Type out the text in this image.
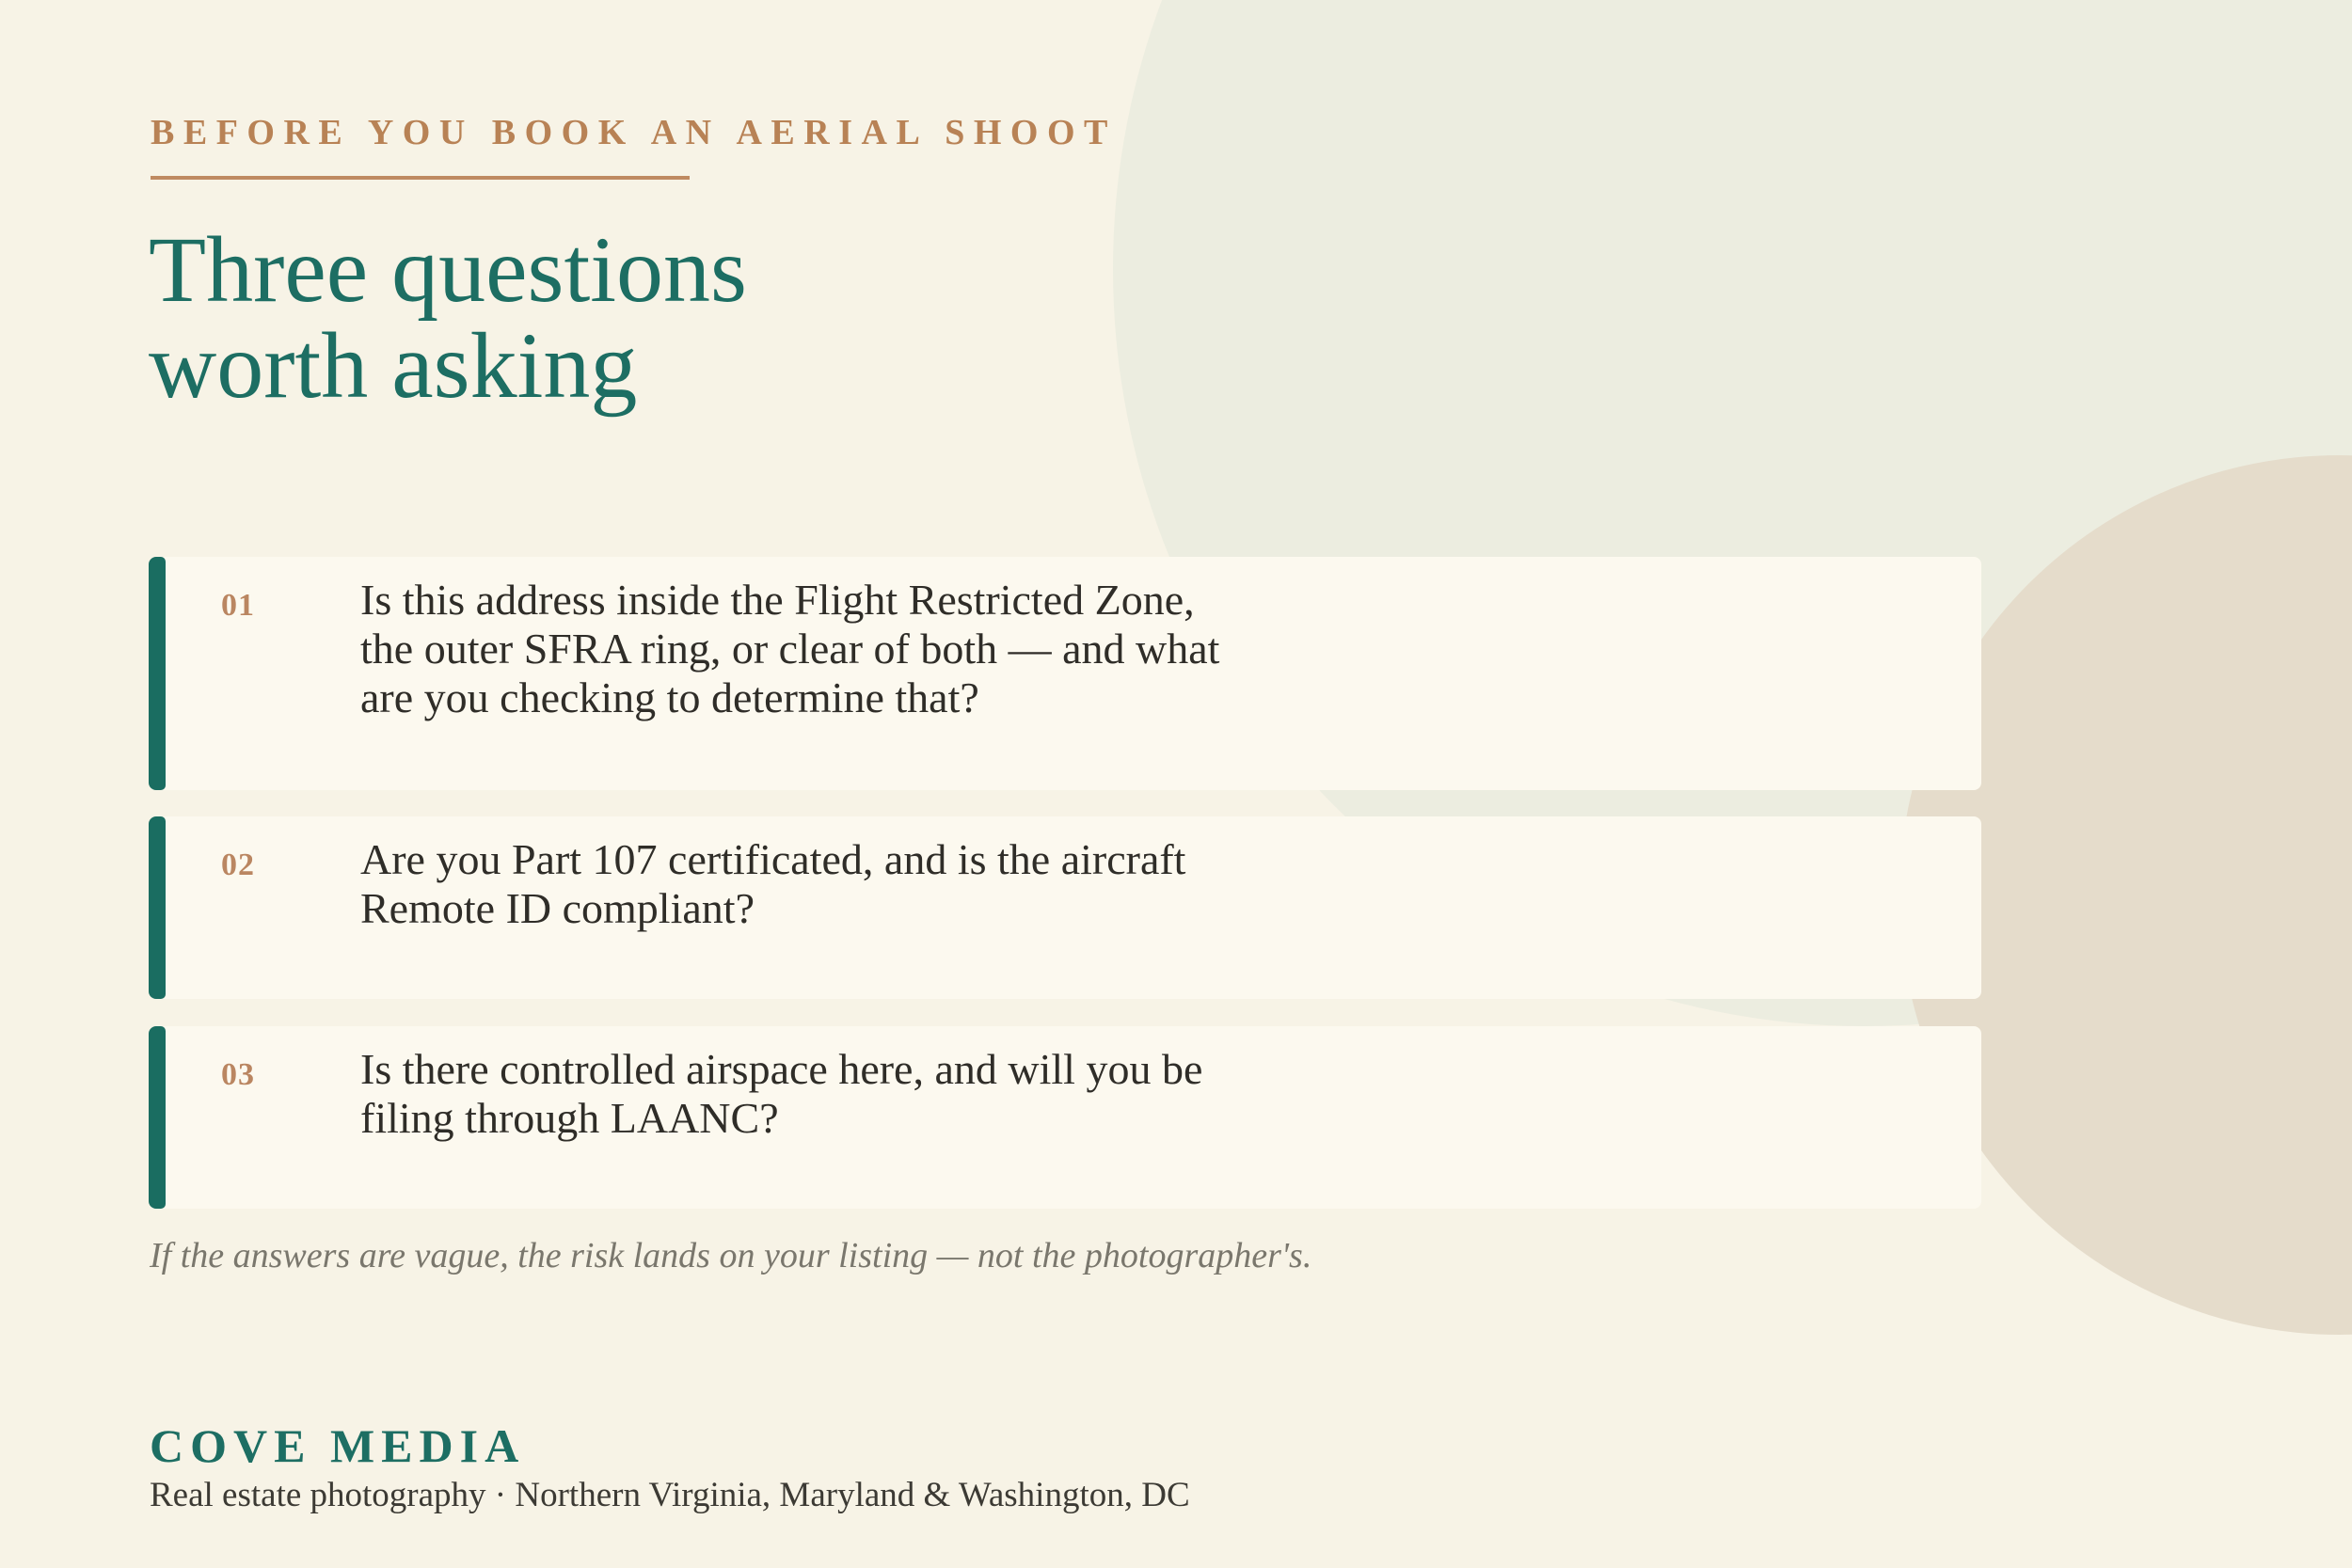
BEFORE YOU BOOK AN AERIAL SHOOT
Three questions
worth asking
01 Is this address inside the Flight Restricted Zone,
the outer SFRA ring, or clear of both — and what
are you checking to determine that?
02 Are you Part 107 certificated, and is the aircraft
Remote ID compliant?
03 Is there controlled airspace here, and will you be
filing through LAANC?
If the answers are vague, the risk lands on your listing — not the photographer's.
COVE MEDIA
Real estate photography · Northern Virginia, Maryland & Washington, DC
